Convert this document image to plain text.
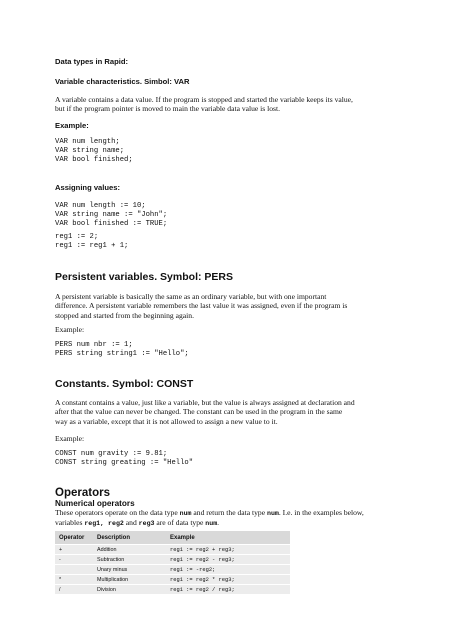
Data types in Rapid:
Variable characteristics. Simbol: VAR
A variable contains a data value. If the program is stopped and started the variable keeps its value, but if the program pointer is moved to main the variable data value is lost.
Example:
VAR num length;
VAR string name;
VAR bool finished;
Assigning values:
VAR num length := 10;
VAR string name := "John";
VAR bool finished := TRUE;
reg1 := 2;
reg1 := reg1 + 1;
Persistent variables. Symbol: PERS
A persistent variable is basically the same as an ordinary variable, but with one important difference. A persistent variable remembers the last value it was assigned, even if the program is stopped and started from the beginning again.
Example:
PERS num nbr := 1;
PERS string string1 := "Hello";
Constants. Symbol: CONST
A constant contains a value, just like a variable, but the value is always assigned at declaration and after that the value can never be changed. The constant can be used in the program in the same way as a variable, except that it is not allowed to assign a new value to it.
Example:
CONST num gravity := 9.81;
CONST string greating := "Hello"
Operators
Numerical operators
These operators operate on the data type num and return the data type num. I.e. in the examples below, variables reg1, reg2 and reg3 are of data type num.
Operator	Description	Example
+	Addition	reg1 := reg2 + reg3;
-	Subtraction	reg1 := reg2 - reg3;
	Unary minus	reg1 := -reg2;
*	Multiplication	reg1 := reg2 * reg3;
/	Division	reg1 := reg2 / reg3;
